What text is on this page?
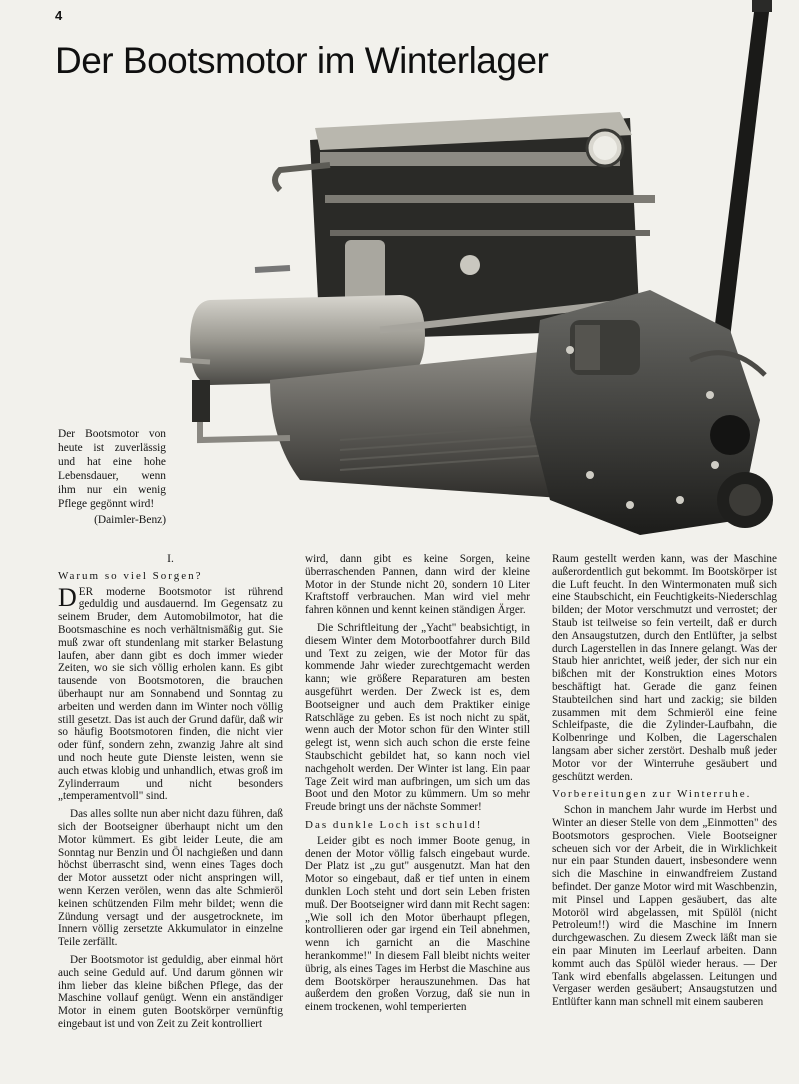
4
Der Bootsmotor im Winterlager
Der Bootsmotor von heute ist zuverlässig und hat eine hohe Lebensdauer, wenn ihm nur ein wenig Pflege gegönnt wird!
(Daimler-Benz)
I.
Warum so viel Sorgen?

DER moderne Bootsmotor ist rührend geduldig und ausdauernd. Im Gegensatz zu seinem Bruder, dem Automobilmotor, hat die Bootsmaschine es noch verhältnismäßig gut. Sie muß zwar oft stundenlang mit starker Belastung laufen, aber dann gibt es doch immer wieder Zeiten, wo sie sich völlig erholen kann. Es gibt tausende von Bootsmotoren, die brauchen überhaupt nur am Sonnabend und Sonntag zu arbeiten und werden dann im Winter noch völlig still gesetzt. Das ist auch der Grund dafür, daß wir so häufig Bootsmotoren finden, die nicht vier oder fünf, sondern zehn, zwanzig Jahre alt sind und noch heute gute Dienste leisten, wenn sie auch etwas klobig und unhandlich, etwas groß im Zylinderraum und nicht besonders „temperamentvoll" sind.

Das alles sollte nun aber nicht dazu führen, daß sich der Bootseigner überhaupt nicht um den Motor kümmert. Es gibt leider Leute, die am Sonntag nur Benzin und Öl nachgießen und dann höchst überrascht sind, wenn eines Tages doch der Motor aussetzt oder nicht anspringen will, wenn Kerzen verölen, wenn das alte Schmieröl keinen schützenden Film mehr bildet; wenn die Zündung versagt und der ausgetrocknete, im Innern völlig zersetzte Akkumulator in einzelne Teile zerfällt.

Der Bootsmotor ist geduldig, aber einmal hört auch seine Geduld auf. Und darum gönnen wir ihm lieber das kleine bißchen Pflege, das der Maschine vollauf genügt. Wenn ein anständiger Motor in einem guten Bootskörper vernünftig eingebaut ist und von Zeit zu Zeit kontrolliert

wird, dann gibt es keine Sorgen, keine überraschenden Pannen, dann wird der kleine Motor in der Stunde nicht 20, sondern 10 Liter Kraftstoff verbrauchen. Man wird viel mehr fahren können und kennt keinen ständigen Ärger.

Die Schriftleitung der „Yacht" beabsichtigt, in diesem Winter dem Motorbootfahrer durch Bild und Text zu zeigen, wie der Motor für das kommende Jahr wieder zurechtgemacht werden kann; wie größere Reparaturen am besten ausgeführt werden. Der Zweck ist es, dem Bootseigner und auch dem Praktiker einige Ratschläge zu geben. Es ist noch nicht zu spät, wenn auch der Motor schon für den Winter still gelegt ist, wenn sich auch schon die erste feine Staubschicht gebildet hat, so kann noch viel nachgeholt werden. Der Winter ist lang. Ein paar Tage Zeit wird man aufbringen, um sich um das Boot und den Motor zu kümmern. Um so mehr Freude bringt uns der nächste Sommer!

Das dunkle Loch ist schuld!

Leider gibt es noch immer Boote genug, in denen der Motor völlig falsch eingebaut wurde. Der Platz ist „zu gut" ausgenutzt. Man hat den Motor so eingebaut, daß er tief unten in einem dunklen Loch steht und dort sein Leben fristen muß. Der Bootseigner wird dann mit Recht sagen: „Wie soll ich den Motor überhaupt pflegen, kontrollieren oder gar irgend ein Teil abnehmen, wenn ich garnicht an die Maschine herankomme!" In diesem Fall bleibt nichts weiter übrig, als eines Tages im Herbst die Maschine aus dem Bootskörper herauszunehmen. Das hat außerdem den großen Vorzug, daß sie nun in einem trockenen, wohl temperierten

Raum gestellt werden kann, was der Maschine außerordentlich gut bekommt. Im Bootskörper ist die Luft feucht. In den Wintermonaten muß sich eine Staubschicht, ein Feuchtigkeits-Niederschlag bilden; der Motor verschmutzt und verrostet; der Staub ist teilweise so fein verteilt, daß er durch den Ansaugstutzen, durch den Entlüfter, ja selbst durch Lagerstellen in das Innere gelangt. Was der Staub hier anrichtet, weiß jeder, der sich nur ein bißchen mit der Konstruktion eines Motors beschäftigt hat. Gerade die ganz feinen Staubteilchen sind hart und zackig; sie bilden zusammen mit dem Schmieröl eine feine Schleifpaste, die die Zylinder-Laufbahn, die Kolbenringe und Kolben, die Lagerschalen langsam aber sicher zerstört. Deshalb muß jeder Motor vor der Winterruhe gesäubert und geschützt werden.

Vorbereitungen zur Winterruhe.

Schon in manchem Jahr wurde im Herbst und Winter an dieser Stelle von dem „Einmotten" des Bootsmotors gesprochen. Viele Bootseigner scheuen sich vor der Arbeit, die in Wirklichkeit nur ein paar Stunden dauert, insbesondere wenn sich die Maschine in einwandfreiem Zustand befindet. Der ganze Motor wird mit Waschbenzin, mit Pinsel und Lappen gesäubert, das alte Motoröl wird abgelassen, mit Spülöl (nicht Petroleum!!) wird die Maschine im Innern durchgewaschen. Zu diesem Zweck läßt man sie ein paar Minuten im Leerlauf arbeiten. Dann kommt auch das Spülöl wieder heraus. — Der Tank wird ebenfalls abgelassen. Leitungen und Vergaser werden gesäubert; Ansaugstutzen und Entlüfter kann man schnell mit einem sauberen
